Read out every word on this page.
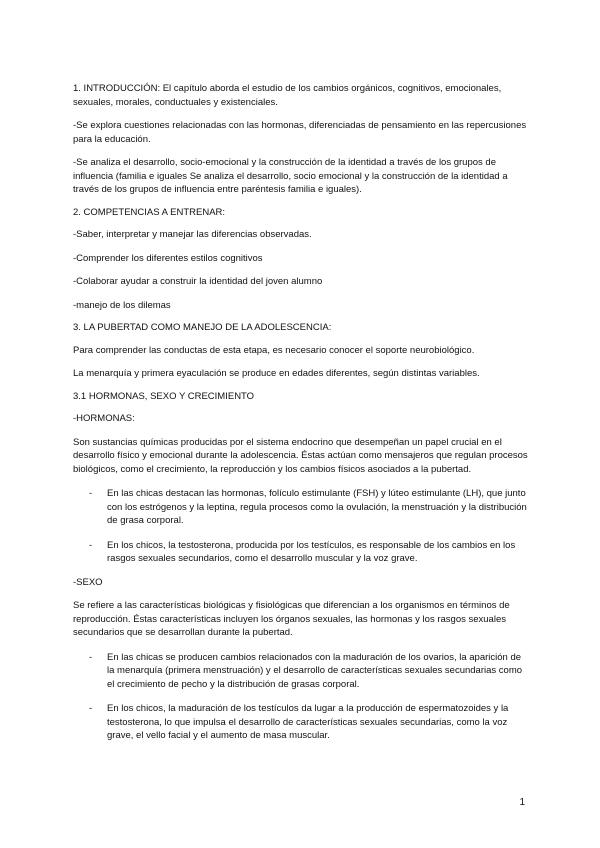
1. INTRODUCCIÓN: El capítulo aborda el estudio de los cambios orgánicos, cognitivos, emocionales, sexuales, morales, conductuales y existenciales.

-Se explora cuestiones relacionadas con las hormonas, diferenciadas de pensamiento en las repercusiones para la educación.

-Se analiza el desarrollo, socio-emocional y la construcción de la identidad a través de los grupos de influencia (familia e iguales Se analiza el desarrollo, socio emocional y la construcción de la identidad a través de los grupos de influencia entre paréntesis familia e iguales).

2. COMPETENCIAS A ENTRENAR:

-Saber, interpretar y manejar las diferencias observadas.

-Comprender los diferentes estilos cognitivos

-Colaborar ayudar a construir la identidad del joven alumno

-manejo de los dilemas

3. LA PUBERTAD COMO MANEJO DE LA ADOLESCENCIA:

Para comprender las conductas de esta etapa, es necesario conocer el soporte neurobiológico.

La menarquía y primera eyaculación se produce en edades diferentes, según distintas variables.

3.1 HORMONAS, SEXO Y CRECIMIENTO

-HORMONAS:

Son sustancias químicas producidas por el sistema endocrino que desempeñan un papel crucial en el desarrollo físico y emocional durante la adolescencia. Éstas actúan como mensajeros que regulan procesos biológicos, como el crecimiento, la reproducción y los cambios físicos asociados a la pubertad.

- En las chicas destacan las hormonas, folículo estimulante (FSH) y lúteo estimulante (LH), que junto con los estrógenos y la leptina, regula procesos como la ovulación, la menstruación y la distribución de grasa corporal.
- En los chicos, la testosterona, producida por los testículos, es responsable de los cambios en los rasgos sexuales secundarios, como el desarrollo muscular y la voz grave.

-SEXO

Se refiere a las características biológicas y fisiológicas que diferencian a los organismos en términos de reproducción. Éstas características incluyen los órganos sexuales, las hormonas y los rasgos sexuales secundarios que se desarrollan durante la pubertad.

- En las chicas se producen cambios relacionados con la maduración de los ovarios, la aparición de la menarquía (primera menstruación) y el desarrollo de características sexuales secundarias como el crecimiento de pecho y la distribución de grasas corporal.
- En los chicos, la maduración de los testículos da lugar a la producción de espermatozoides y la testosterona, lo que impulsa el desarrollo de características sexuales secundarias, como la voz grave, el vello facial y el aumento de masa muscular.
1
